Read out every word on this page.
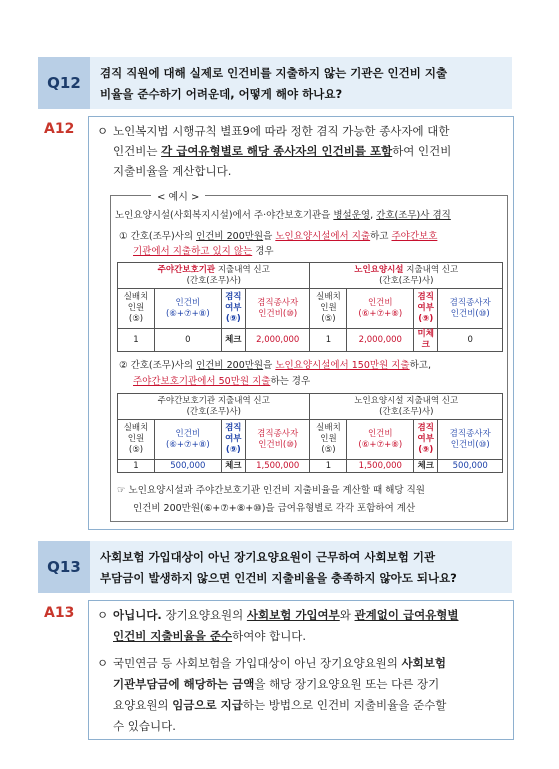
Q12
겸직 직원에 대해 실제로 인건비를 지출하지 않는 기관은 인건비 지출
비율을 준수하기 어려운데, 어떻게 해야 하나요?
A12 ㅇ 노인복지법 시행규칙 별표9에 따라 정한 겸직 가능한 종사자에 대한
인건비는 각 급여유형별로 해당 종사자의 인건비를 포함하여 인건비
지출비율을 계산합니다.
< 예시 >
노인요양시설(사회복지시설)에서 주·야간보호기관을 병설운영, 간호(조무)사 겸직
① 간호(조무)사의 인건비 200만원을 노인요양시설에서 지출하고 주야간보호
기관에서 지출하고 있지 않는 경우
주야간보호기관 지출내역 신고
(간호(조무)사)				노인요양시설 지출내역 신고
(간호(조무)사)			
실배치
인원
(⑤)	인건비
(⑥+⑦+⑧)	겸직
여부
(⑨)	겸직종사자
인건비(⑩)	실배치
인원
(⑤)	인건비
(⑥+⑦+⑧)	겸직
여부
(⑨)	겸직종사자
인건비(⑩)
1	0	체크	2,000,000	1	2,000,000	미체크	0
② 간호(조무)사의 인건비 200만원을 노인요양시설에서 150만원 지출하고,
주야간보호기관에서 50만원 지출하는 경우
주야간보호기관 지출내역 신고
(간호(조무)사)				노인요양시설 지출내역 신고
(간호(조무)사)			
실배치
인원
(⑤)	인건비
(⑥+⑦+⑧)	겸직
여부
(⑨)	겸직종사자
인건비(⑩)	실배치
인원
(⑤)	인건비
(⑥+⑦+⑧)	겸직
여부
(⑨)	겸직종사자
인건비(⑩)
1	500,000	체크	1,500,000	1	1,500,000	체크	500,000
☞ 노인요양시설과 주야간보호기관 인건비 지출비율을 계산할 때 해당 직원
인건비 200만원(⑥+⑦+⑧+⑩)을 급여유형별로 각각 포함하여 계산
Q13
사회보험 가입대상이 아닌 장기요양요원이 근무하여 사회보험 기관
부담금이 발생하지 않으면 인건비 지출비율을 충족하지 않아도 되나요?
A13 ㅇ 아닙니다. 장기요양요원의 사회보험 가입여부와 관계없이 급여유형별
인건비 지출비율을 준수하여야 합니다.
ㅇ 국민연금 등 사회보험을 가입대상이 아닌 장기요양요원의 사회보험
기관부담금에 해당하는 금액을 해당 장기요양요원 또는 다른 장기
요양요원의 임금으로 지급하는 방법으로 인건비 지출비율을 준수할
수 있습니다.
